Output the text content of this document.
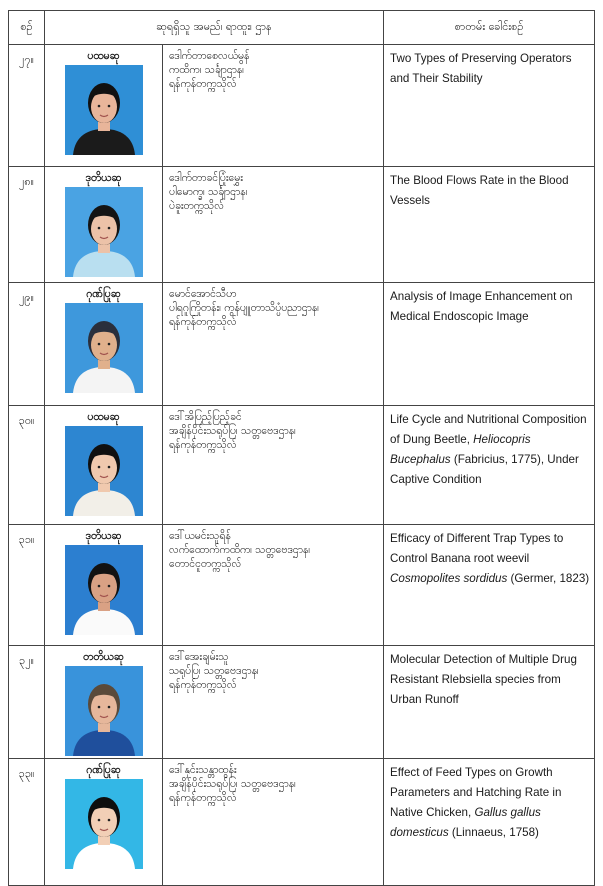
စဉ်	ဆုရရှိသူ အမည်၊ ရာထူး၊ ဌာန		စာတမ်း ခေါင်းစဉ်
၂၇။	ပထမဆု	ဒေါက်တာစေလယ်မွန်
ကထိက၊ သင်္ချာဌာန၊
ရန်ကုန်တက္ကသိုလ်	Two Types of Preserving Operators and Their Stability
၂၈။	ဒုတိယဆု	ဒေါက်တာခင်ပြုံးမွှေး
ပါမောက္ခ၊ သင်္ချာဌာန၊
ပဲခူးတက္ကသိုလ်	The Blood Flows Rate in the Blood Vessels
၂၉။	ဂုဏ်ပြုဆု	မောင်အောင်သီဟ
ပါရဂူကြိုတန်း၊ ကွန်ပျူတာသိပ္ပံပညာဌာန၊
ရန်ကုန်တက္ကသိုလ်	Analysis of Image Enhancement on Medical Endoscopic Image
၃၀။	ပထမဆု	ဒေါ်အိပြည့်ပြည့်ခင်
အချိန်ပိုင်းသရုပ်ပြ၊ သတ္တဗေဒဌာန၊
ရန်ကုန်တက္ကသိုလ်	Life Cycle and Nutritional Composition of Dung Beetle, Heliocopris Bucephalus (Fabricius, 1775), Under Captive Condition
၃၁။	ဒုတိယဆု	ဒေါ်ယမင်းသူရိန်
လက်ထောက်ကထိက၊ သတ္တဗေဒဌာန၊
တောင်ငူတက္ကသိုလ်	Efficacy of Different Trap Types to Control Banana root weevil Cosmopolites sordidus (Germer, 1823)
၃၂။	တတိယဆု	ဒေါ်အေးချမ်းသူ
သရုပ်ပြ၊ သတ္တဗေဒဌာန၊
ရန်ကုန်တက္ကသိုလ်	Molecular Detection of Multiple Drug Resistant Rlebsiella species from Urban Runoff
၃၃။	ဂုဏ်ပြုဆု	ဒေါ်နှင်းသန္တာထွန်း
အချိန်ပိုင်းသရုပ်ပြ၊ သတ္တဗေဒဌာန၊
ရန်ကုန်တက္ကသိုလ်	Effect of Feed Types on Growth Parameters and Hatching Rate in Native Chicken, Gallus gallus domesticus (Linnaeus, 1758)
